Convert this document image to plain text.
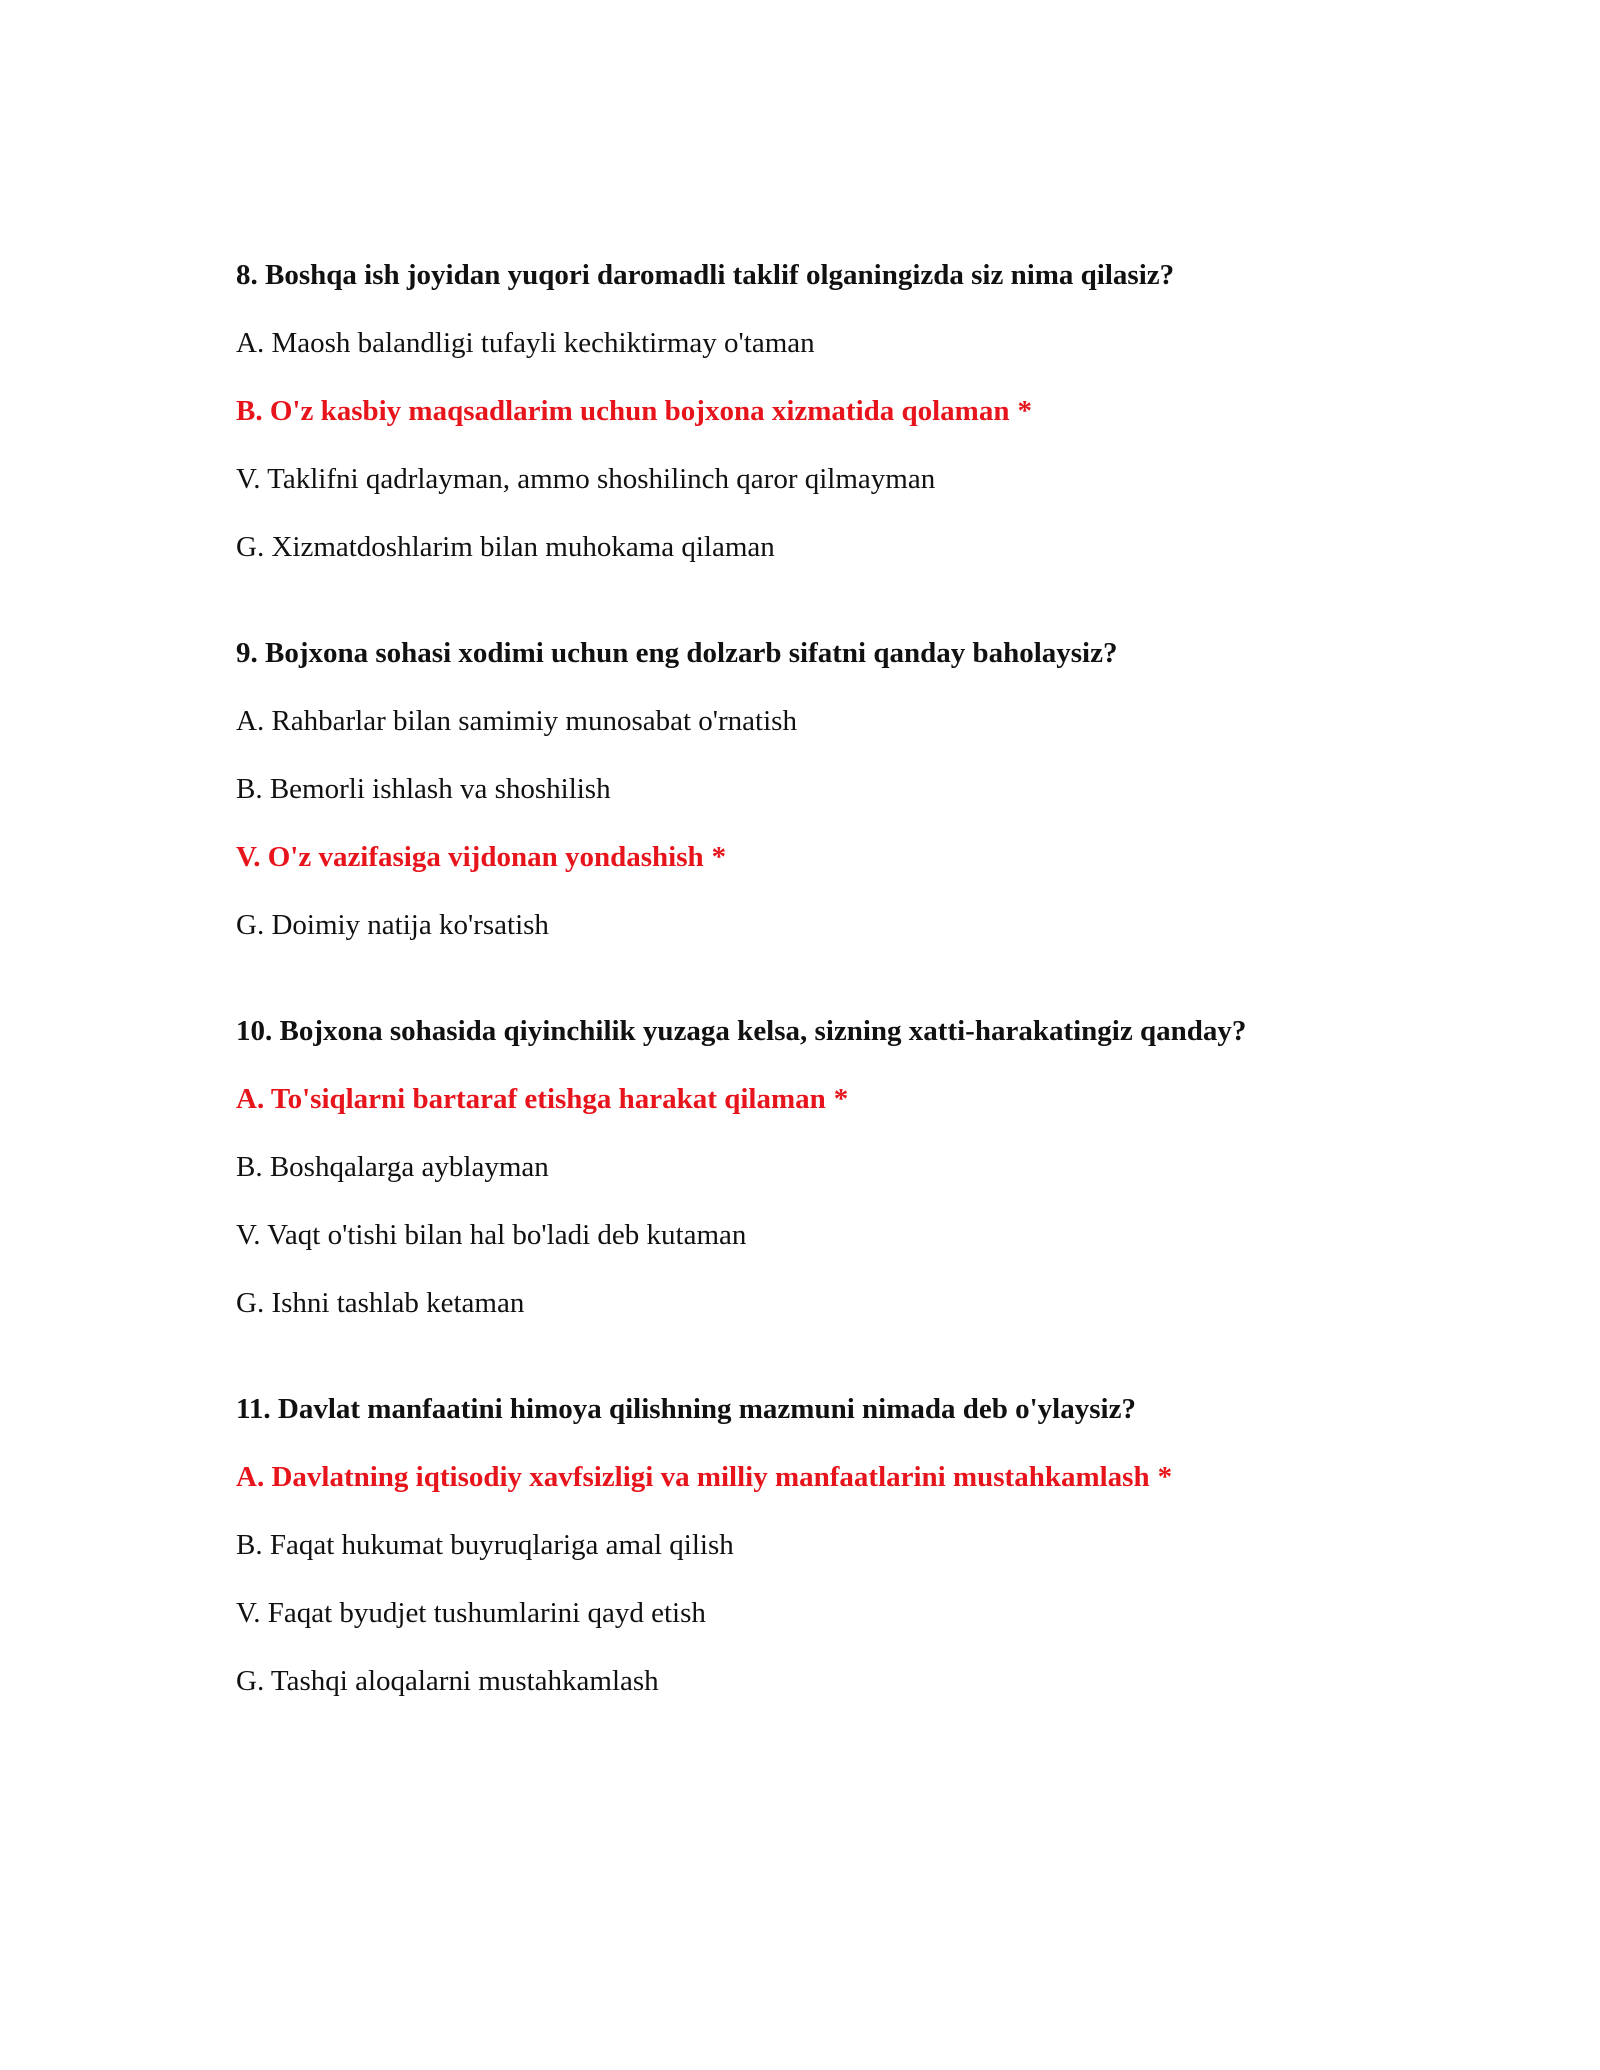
8. Boshqa ish joyidan yuqori daromadli taklif olganingizda siz nima qilasiz?
A. Maosh balandligi tufayli kechiktirmay o'taman
B. O'z kasbiy maqsadlarim uchun bojxona xizmatida qolaman *
V. Taklifni qadrlayman, ammo shoshilinch qaror qilmayman
G. Xizmatdoshlarim bilan muhokama qilaman
9. Bojxona sohasi xodimi uchun eng dolzarb sifatni qanday baholaysiz?
A. Rahbarlar bilan samimiy munosabat o'rnatish
B. Bemorli ishlash va shoshilish
V. O'z vazifasiga vijdonan yondashish *
G. Doimiy natija ko'rsatish
10. Bojxona sohasida qiyinchilik yuzaga kelsa, sizning xatti-harakatingiz qanday?
A. To'siqlarni bartaraf etishga harakat qilaman *
B. Boshqalarga ayblayman
V. Vaqt o'tishi bilan hal bo'ladi deb kutaman
G. Ishni tashlab ketaman
11. Davlat manfaatini himoya qilishning mazmuni nimada deb o'ylaysiz?
A. Davlatning iqtisodiy xavfsizligi va milliy manfaatlarini mustahkamlash *
B. Faqat hukumat buyruqlariga amal qilish
V. Faqat byudjet tushumlarini qayd etish
G. Tashqi aloqalarni mustahkamlash
